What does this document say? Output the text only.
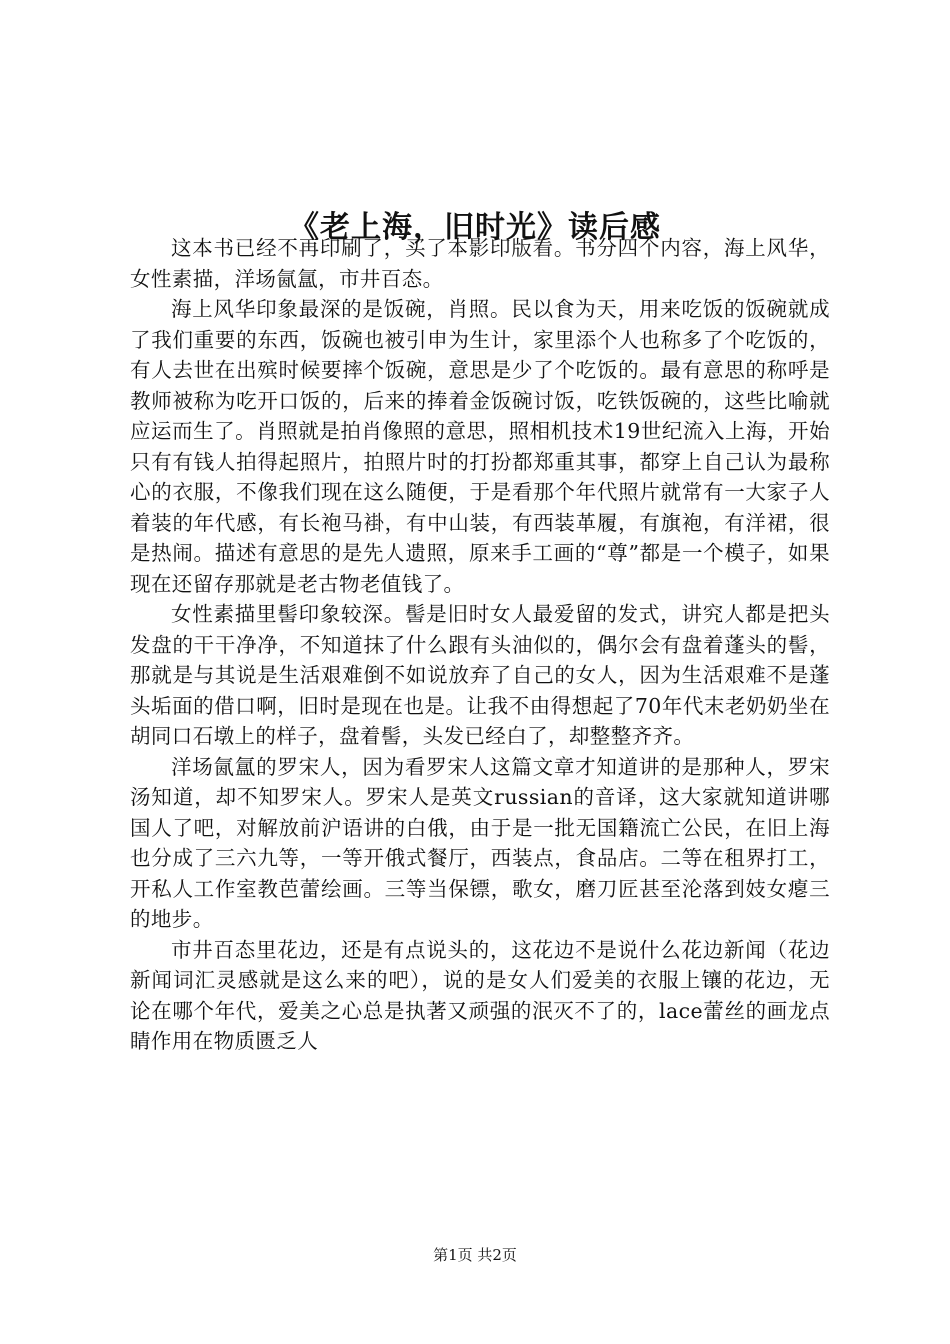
《老上海，旧时光》读后感

这本书已经不再印刷了，买了本影印版看。书分四个内容，海上风华，女性素描，洋场氤氲，市井百态。

海上风华印象最深的是饭碗，肖照。民以食为天，用来吃饭的饭碗就成了我们重要的东西，饭碗也被引申为生计，家里添个人也称多了个吃饭的，有人去世在出殡时候要摔个饭碗，意思是少了个吃饭的。最有意思的称呼是教师被称为吃开口饭的，后来的捧着金饭碗讨饭，吃铁饭碗的，这些比喻就应运而生了。肖照就是拍肖像照的意思，照相机技术19世纪流入上海，开始只有有钱人拍得起照片，拍照片时的打扮都郑重其事，都穿上自己认为最称心的衣服，不像我们现在这么随便，于是看那个年代照片就常有一大家子人着装的年代感，有长袍马褂，有中山装，有西装革履，有旗袍，有洋裙，很是热闹。描述有意思的是先人遗照，原来手工画的“尊”都是一个模子，如果现在还留存那就是老古物老值钱了。

女性素描里髻印象较深。髻是旧时女人最爱留的发式，讲究人都是把头发盘的干干净净，不知道抹了什么跟有头油似的，偶尔会有盘着蓬头的髻，那就是与其说是生活艰难倒不如说放弃了自己的女人，因为生活艰难不是蓬头垢面的借口啊，旧时是现在也是。让我不由得想起了70年代末老奶奶坐在胡同口石墩上的样子，盘着髻，头发已经白了，却整整齐齐。

洋场氤氲的罗宋人，因为看罗宋人这篇文章才知道讲的是那种人，罗宋汤知道，却不知罗宋人。罗宋人是英文russian的音译，这大家就知道讲哪国人了吧，对解放前沪语讲的白俄，由于是一批无国籍流亡公民，在旧上海也分成了三六九等，一等开俄式餐厅，西装点，食品店。二等在租界打工，开私人工作室教芭蕾绘画。三等当保镖，歌女，磨刀匠甚至沦落到妓女瘪三的地步。

市井百态里花边，还是有点说头的，这花边不是说什么花边新闻（花边新闻词汇灵感就是这么来的吧），说的是女人们爱美的衣服上镶的花边，无论在哪个年代，爱美之心总是执著又顽强的泯灭不了的，lace蕾丝的画龙点睛作用在物质匮乏人

第1页 共2页
